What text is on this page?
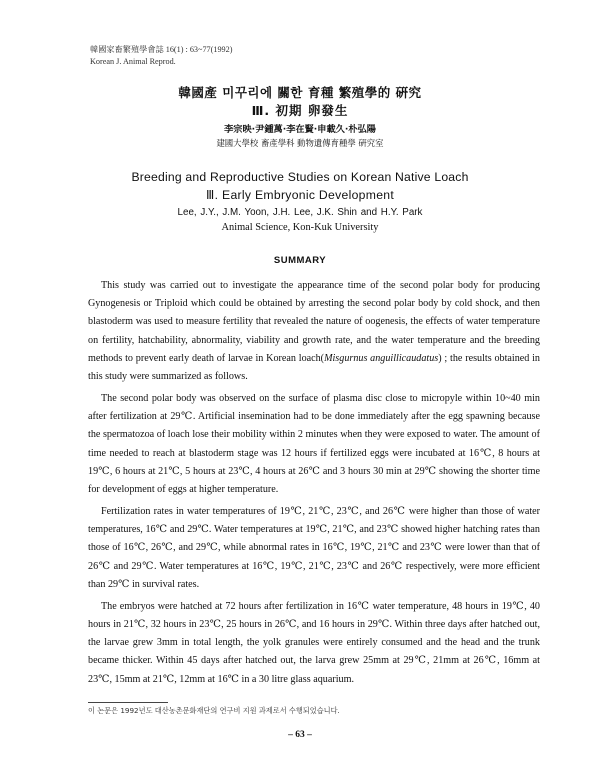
韓國家畜繁殖學會誌 16(1) : 63~77(1992)
Korean J. Animal Reprod.
韓國產 미꾸리에 關한 育種 繁殖學的 硏究
Ⅲ. 初期 卵發生
李宗映·尹鍾萬·李在賢·申載久·朴弘陽
建國大學校 畜產學科 動物遺傳育種學 硏究室
Breeding and Reproductive Studies on Korean Native Loach
Ⅲ. Early Embryonic Development
Lee, J.Y., J.M. Yoon, J.H. Lee, J.K. Shin and H.Y. Park
Animal Science, Kon-Kuk University
SUMMARY

This study was carried out to investigate the appearance time of the second polar body for producing Gynogenesis or Triploid which could be obtained by arresting the second polar body by cold shock, and then blastoderm was used to measure fertility that revealed the nature of oogenesis, the effects of water temperature on fertility, hatchability, abnormality, viability and growth rate, and the water temperature and the breeding methods to prevent early death of larvae in Korean loach(Misgurnus anguillicaudatus) ; the results obtained in this study were summarized as follows.

The second polar body was observed on the surface of plasma disc close to micropyle within 10~40 min after fertilization at 29℃. Artificial insemination had to be done immediately after the egg spawning because the spermatozoa of loach lose their mobility within 2 minutes when they were exposed to water. The amount of time needed to reach at blastoderm stage was 12 hours if fertilized eggs were incubated at 16℃, 8 hours at 19℃, 6 hours at 21℃, 5 hours at 23℃, 4 hours at 26℃ and 3 hours 30 min at 29℃ showing the shorter time for development of eggs at higher temperature.

Fertilization rates in water temperatures of 19℃, 21℃, 23℃, and 26℃ were higher than those of water temperatures, 16℃ and 29℃. Water temperatures at 19℃, 21℃, and 23℃ showed higher hatching rates than those of 16℃, 26℃, and 29℃, while abnormal rates in 16℃, 19℃, 21℃ and 23℃ were lower than that of 26℃ and 29℃. Water temperatures at 16℃, 19℃, 21℃, 23℃ and 26℃ respectively, were more efficient than 29℃ in survival rates.

The embryos were hatched at 72 hours after fertilization in 16℃ water temperature, 48 hours in 19℃, 40 hours in 21℃, 32 hours in 23℃, 25 hours in 26℃, and 16 hours in 29℃. Within three days after hatched out, the larvae grew 3mm in total length, the yolk granules were entirely consumed and the head and the trunk became thicker. Within 45 days after hatched out, the larva grew 25mm at 29℃, 21mm at 26℃, 16mm at 23℃, 15mm at 21℃, 12mm at 16℃ in a 30 litre glass aquarium.

이 논문은 1992년도 대산농촌문화재단의 연구비 지원 과제로서 수행되었습니다.
– 63 –
